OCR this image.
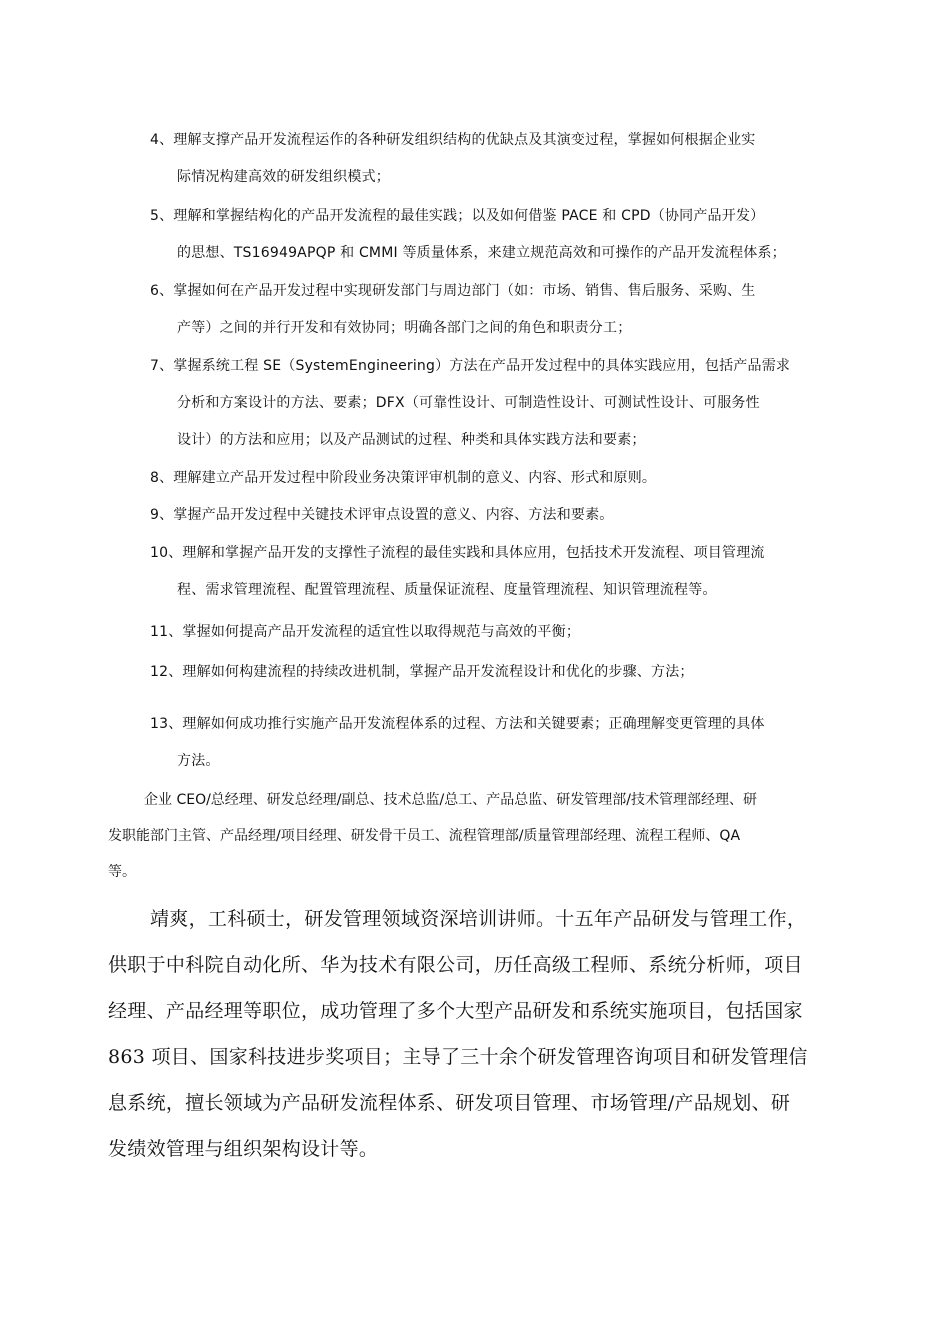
4、理解支撑产品开发流程运作的各种研发组织结构的优缺点及其演变过程，掌握如何根据企业实
际情况构建高效的研发组织模式；
5、理解和掌握结构化的产品开发流程的最佳实践；以及如何借鉴 PACE 和 CPD（协同产品开发）
的思想、TS16949APQP 和 CMMI 等质量体系，来建立规范高效和可操作的产品开发流程体系；
6、掌握如何在产品开发过程中实现研发部门与周边部门（如：市场、销售、售后服务、采购、生
产等）之间的并行开发和有效协同；明确各部门之间的角色和职责分工；
7、掌握系统工程 SE（SystemEngineering）方法在产品开发过程中的具体实践应用，包括产品需求
分析和方案设计的方法、要素；DFX（可靠性设计、可制造性设计、可测试性设计、可服务性
设计）的方法和应用；以及产品测试的过程、种类和具体实践方法和要素；
8、理解建立产品开发过程中阶段业务决策评审机制的意义、内容、形式和原则。
9、掌握产品开发过程中关键技术评审点设置的意义、内容、方法和要素。
10、理解和掌握产品开发的支撑性子流程的最佳实践和具体应用，包括技术开发流程、项目管理流
程、需求管理流程、配置管理流程、质量保证流程、度量管理流程、知识管理流程等。
11、掌握如何提高产品开发流程的适宜性以取得规范与高效的平衡；
12、理解如何构建流程的持续改进机制，掌握产品开发流程设计和优化的步骤、方法；
13、理解如何成功推行实施产品开发流程体系的过程、方法和关键要素；正确理解变更管理的具体
方法。
企业 CEO/总经理、研发总经理/副总、技术总监/总工、产品总监、研发管理部/技术管理部经理、研
发职能部门主管、产品经理/项目经理、研发骨干员工、流程管理部/质量管理部经理、流程工程师、QA
等。
靖爽，工科硕士，研发管理领域资深培训讲师。十五年产品研发与管理工作，
供职于中科院自动化所、华为技术有限公司，历任高级工程师、系统分析师，项目
经理、产品经理等职位，成功管理了多个大型产品研发和系统实施项目，包括国家
863 项目、国家科技进步奖项目；主导了三十余个研发管理咨询项目和研发管理信
息系统，擅长领域为产品研发流程体系、研发项目管理、市场管理/产品规划、研
发绩效管理与组织架构设计等。
